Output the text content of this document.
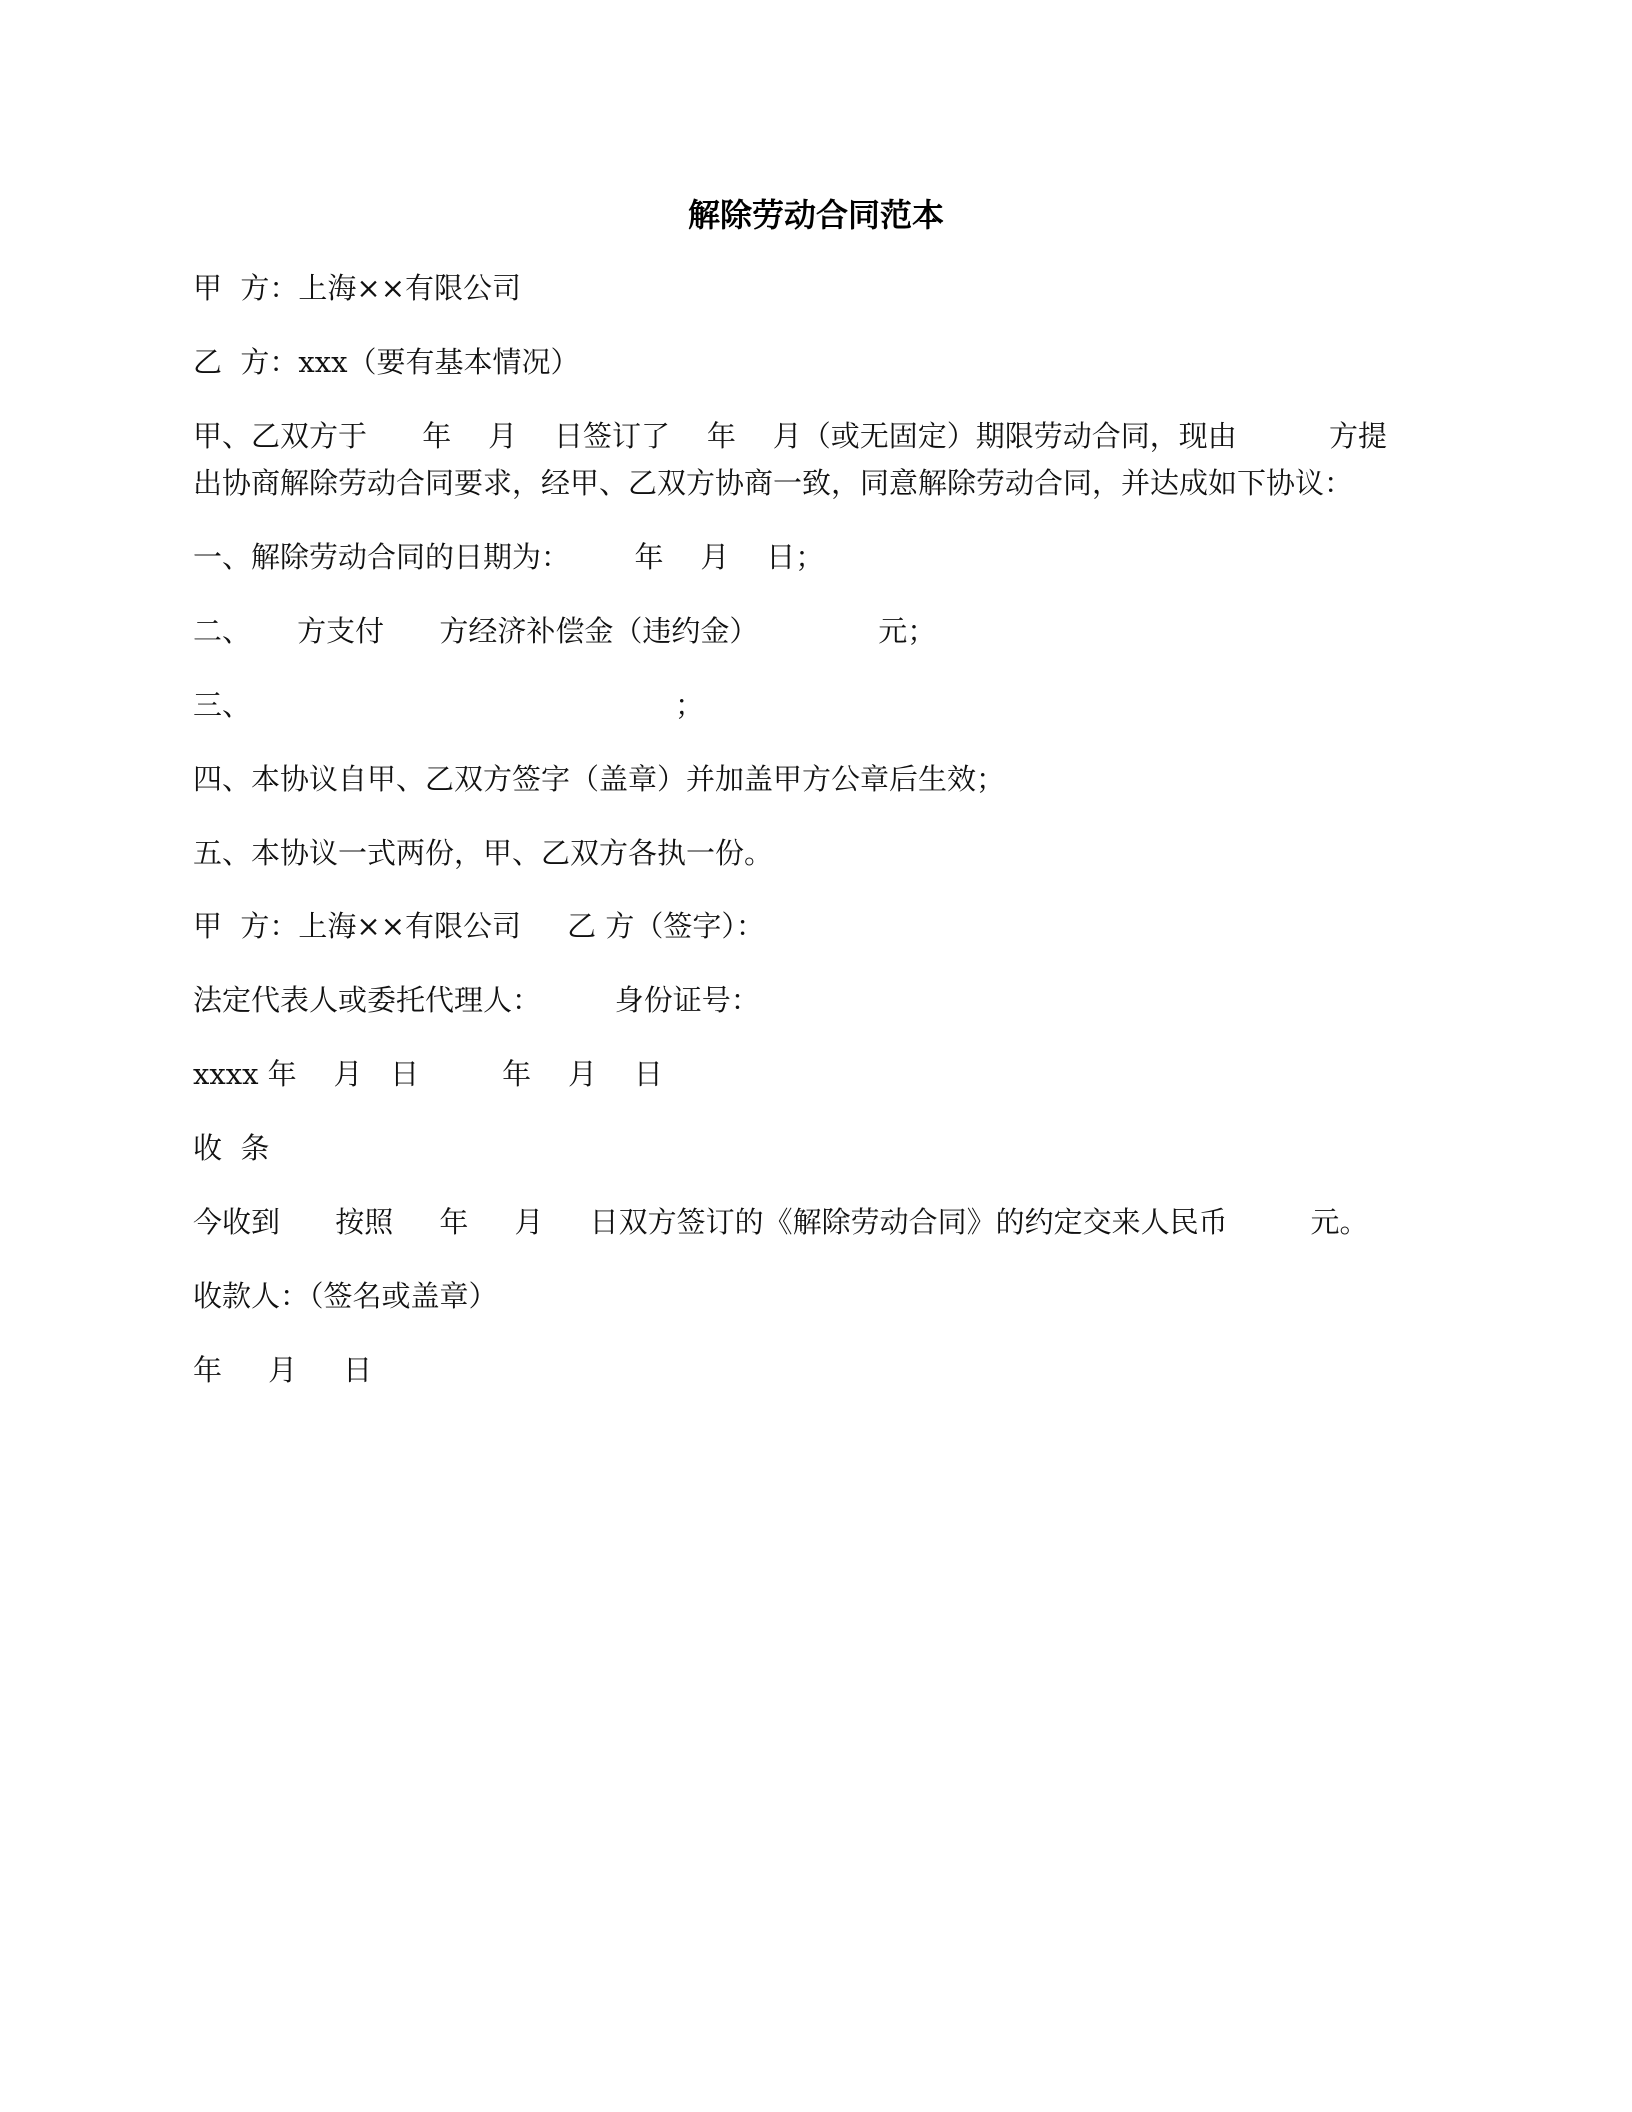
解除劳动合同范本
甲  方：上海××有限公司
乙  方：xxx（要有基本情况）
甲、乙双方于      年    月    日签订了    年    月（或无固定）期限劳动合同，现由          方提
出协商解除劳动合同要求，经甲、乙双方协商一致，同意解除劳动合同，并达成如下协议：
一、解除劳动合同的日期为：       年    月    日；
二、     方支付      方经济补偿金（违约金）             元；
三、                                              ；
四、本协议自甲、乙双方签字（盖章）并加盖甲方公章后生效；
五、本协议一式两份，甲、乙双方各执一份。
甲  方：上海××有限公司     乙 方（签字）：
法定代表人或委托代理人：        身份证号：
xxxx 年    月   日         年    月    日
收  条
今收到      按照     年     月     日双方签订的《解除劳动合同》的约定交来人民币         元。
收款人：（签名或盖章）
年     月     日
